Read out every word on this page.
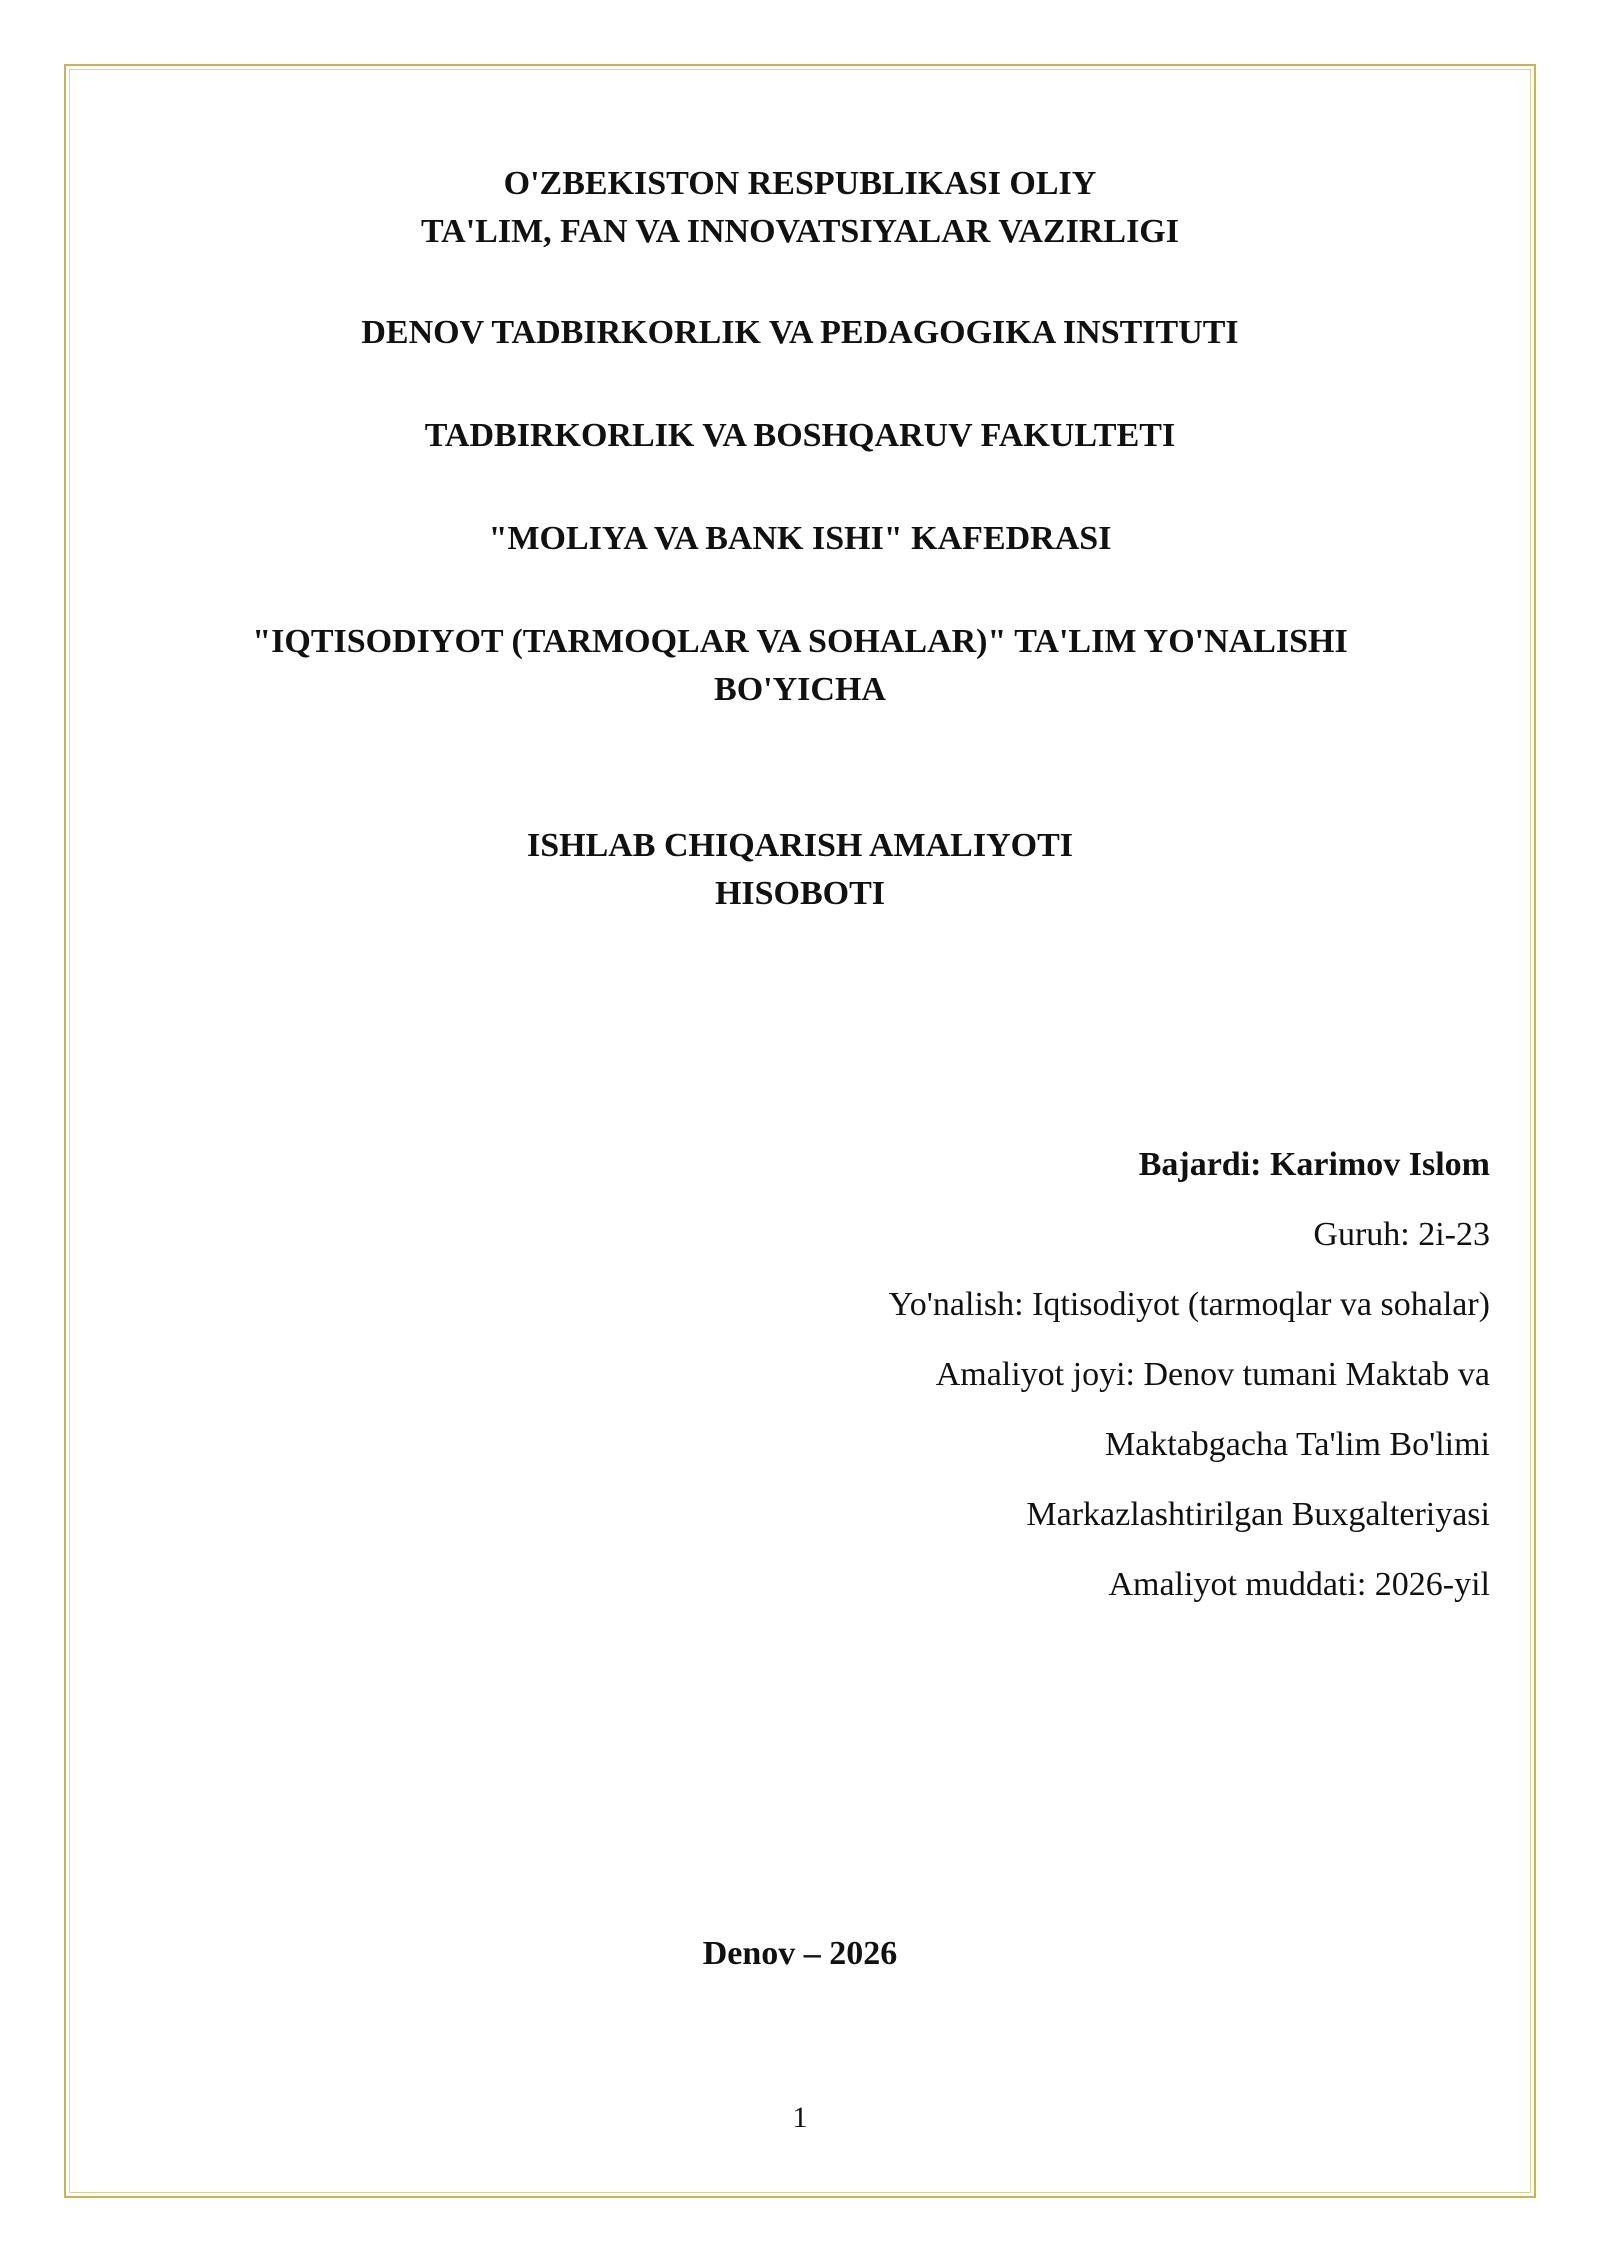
O'ZBEKISTON RESPUBLIKASI OLIY
TA'LIM, FAN VA INNOVATSIYALAR VAZIRLIGI
DENOV TADBIRKORLIK VA PEDAGOGIKA INSTITUTI
TADBIRKORLIK VA BOSHQARUV FAKULTETI
"MOLIYA VA BANK ISHI" KAFEDRASI
"IQTISODIYOT (TARMOQLAR VA SOHALAR)" TA'LIM YO'NALISHI
BO'YICHA
ISHLAB CHIQARISH AMALIYOTI
HISOBOTI
Bajardi: Karimov Islom
Guruh: 2i-23
Yo'nalish: Iqtisodiyot (tarmoqlar va sohalar)
Amaliyot joyi: Denov tumani Maktab va
Maktabgacha Ta'lim Bo'limi
Markazlashtirilgan Buxgalteriyasi
Amaliyot muddati: 2026-yil
Denov – 2026
1
